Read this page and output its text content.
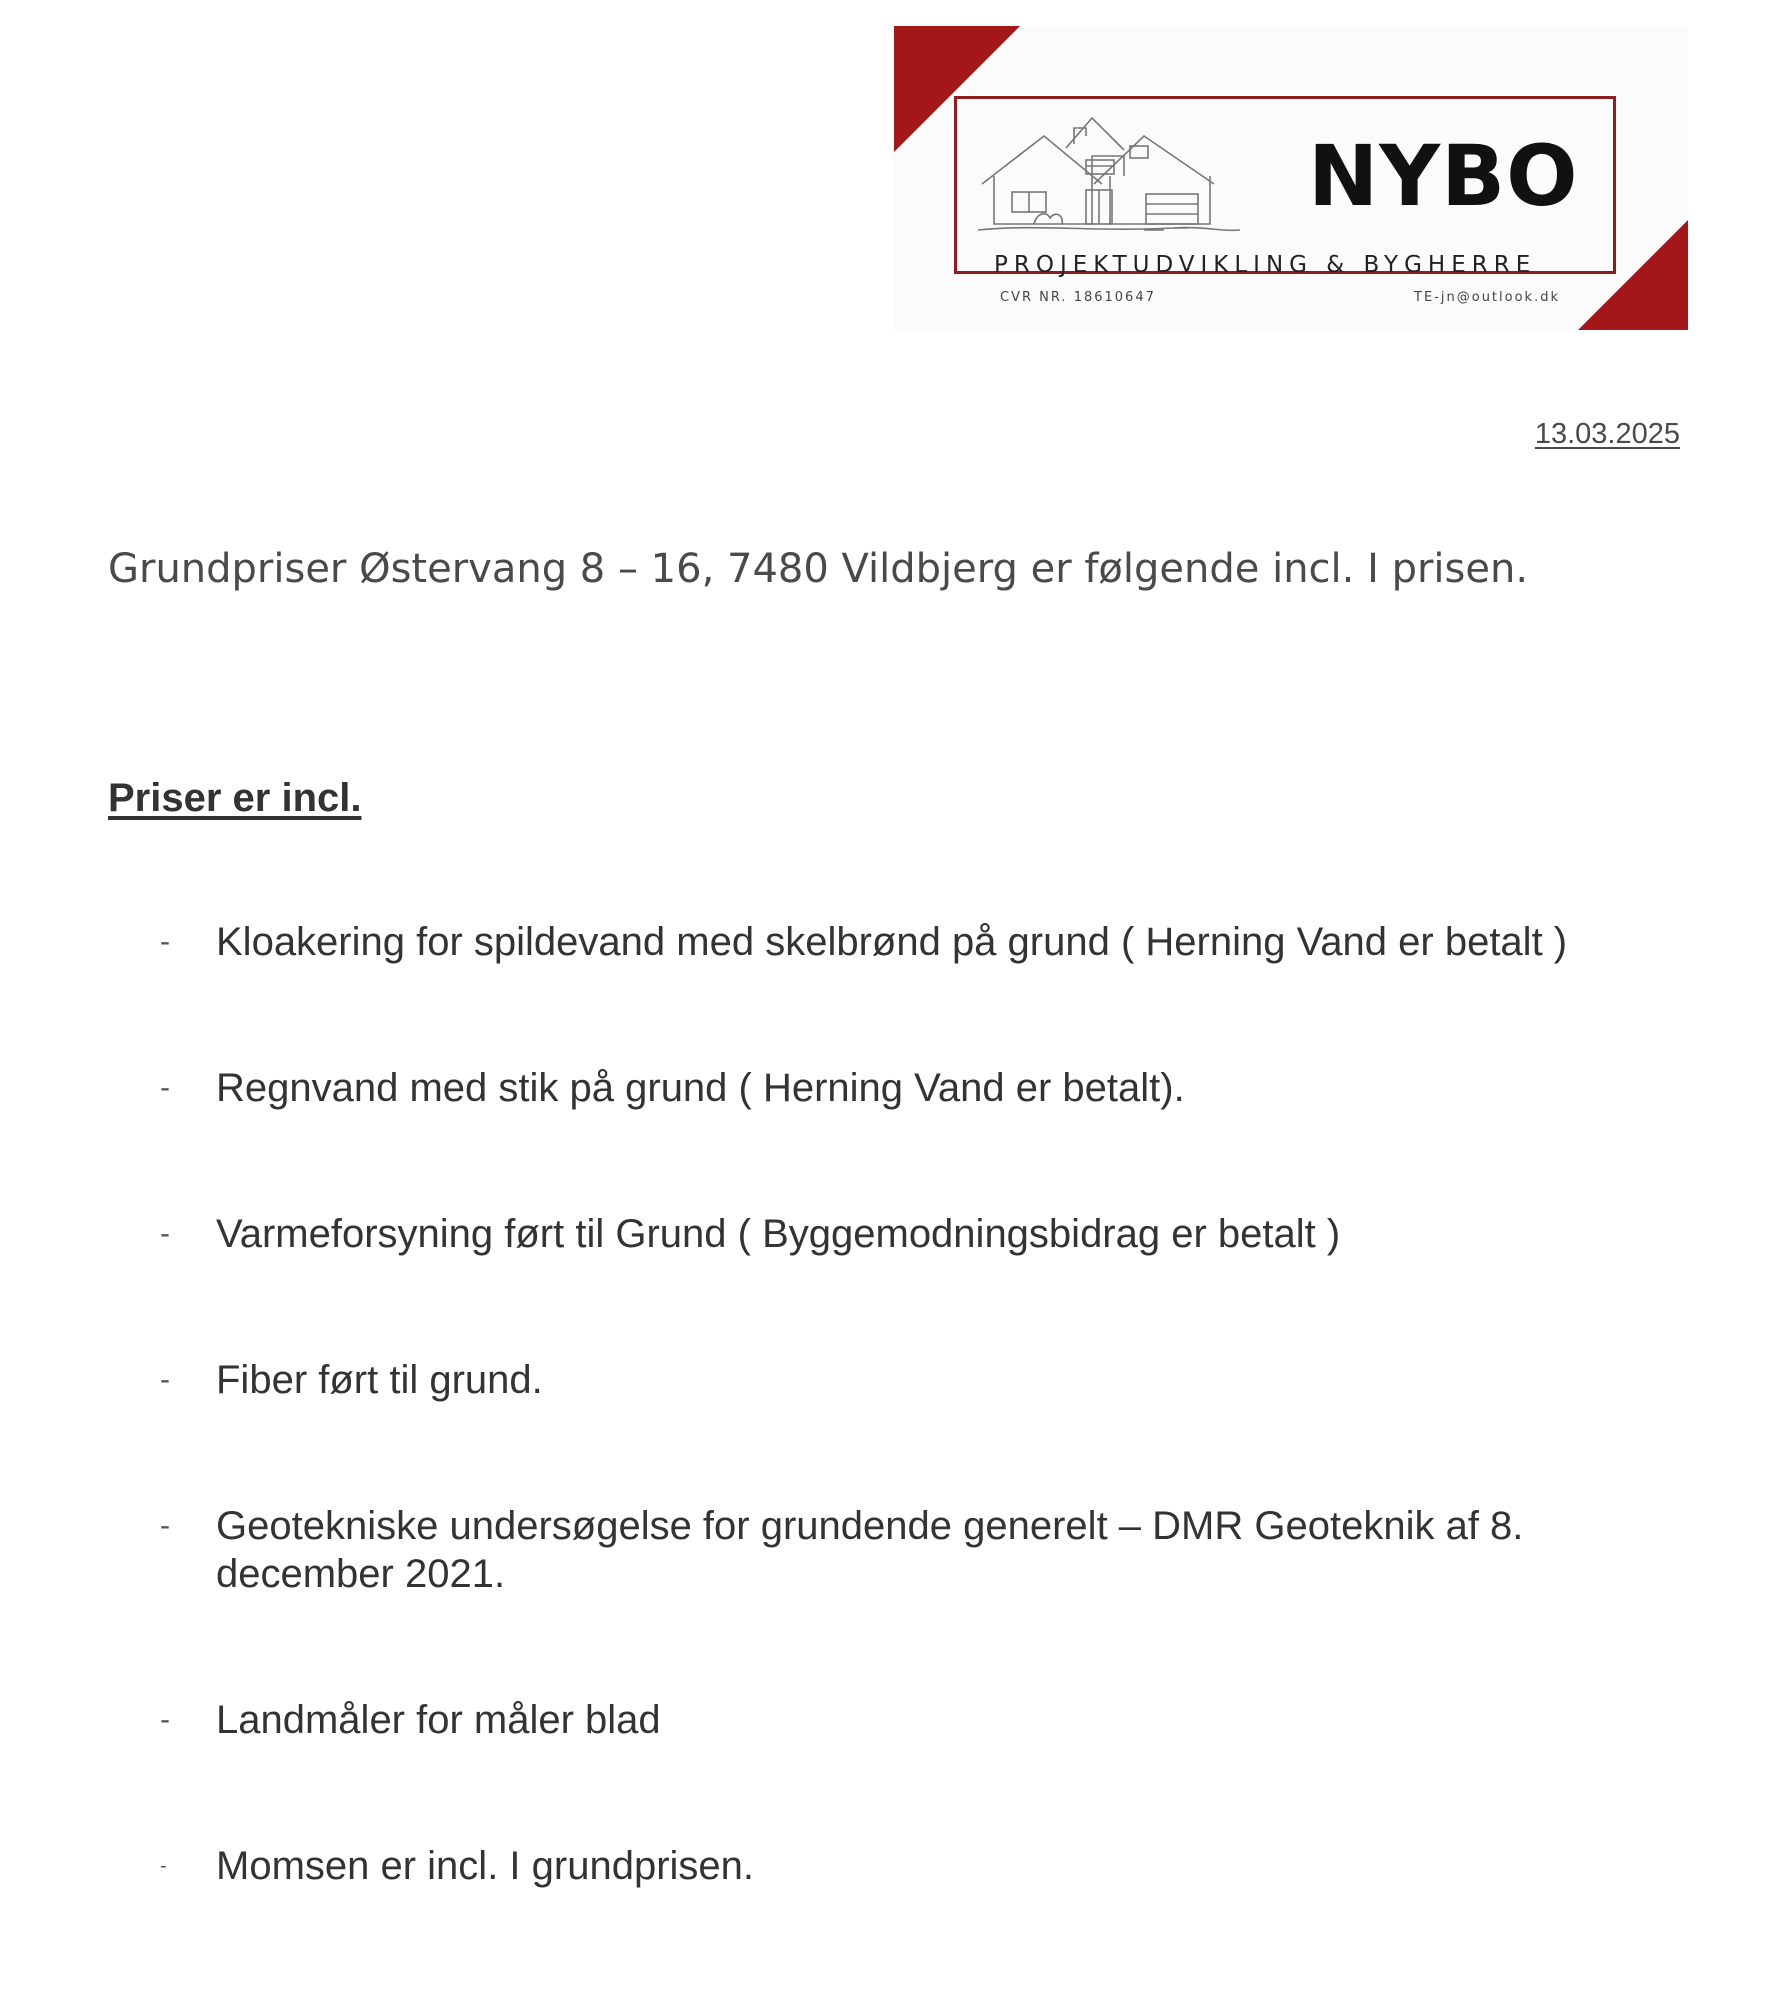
NYBO
PROJEKTUDVIKLING & BYGHERRE
CVR NR. 18610647	TE-jn@outlook.dk
13.03.2025
Grundpriser Østervang 8 – 16, 7480 Vildbjerg er følgende incl. I prisen.
Priser er incl.
-	Kloakering for spildevand med skelbrønd på grund ( Herning Vand er betalt )
-	Regnvand med stik på grund ( Herning Vand er betalt).
-	Varmeforsyning ført til Grund ( Byggemodningsbidrag er betalt )
-	Fiber ført til grund.
-	Geotekniske undersøgelse for grundende generelt – DMR Geoteknik af 8. december 2021.
-	Landmåler for måler blad
-	Momsen er incl. I grundprisen.
